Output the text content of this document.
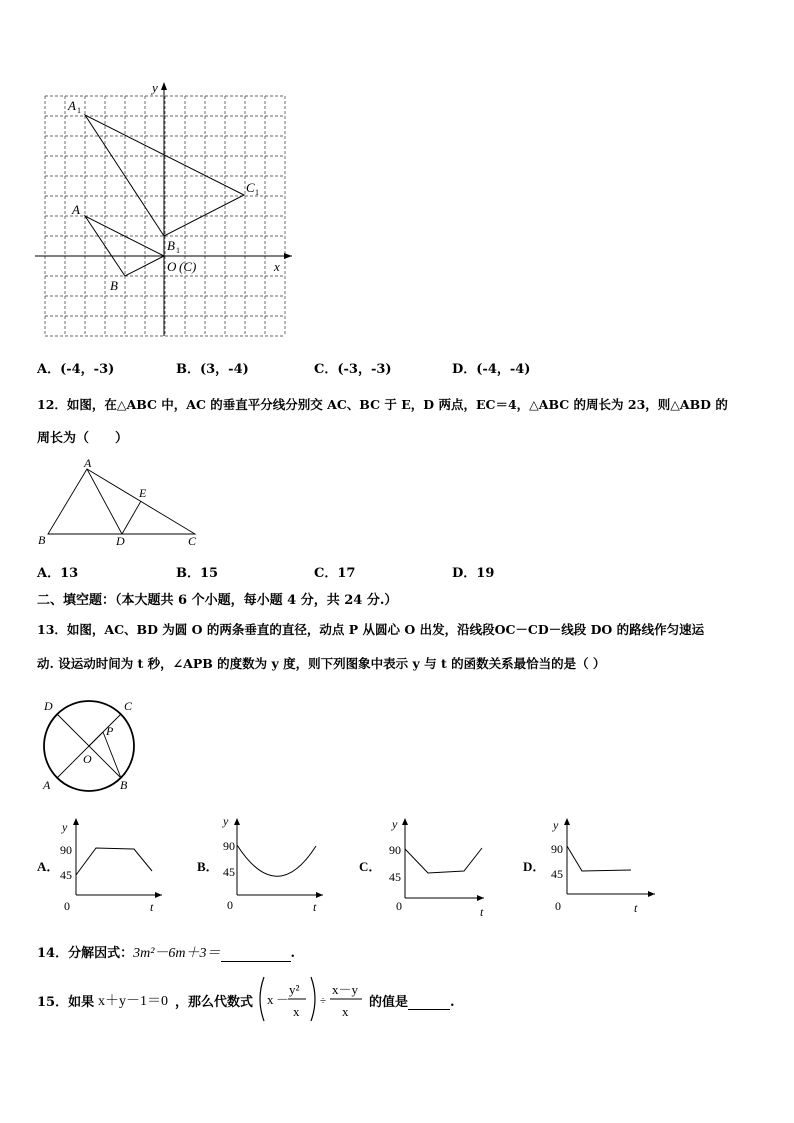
y
x
A 1
C 1
A
B 1
O (C)
B
A．(-4，-3)	B．(3，-4)	C．(-3，-3)	D．(-4，-4)
12．如图，在△ABC 中，AC 的垂直平分线分别交 AC、BC 于 E，D 两点，EC＝4，△ABC 的周长为 23，则△ABD 的
周长为（　　）
A
B	C
D
E
A．13	B．15	C．17	D．19
二、填空题：（本大题共 6 个小题，每小题 4 分，共 24 分.）
13．如图，AC、BD 为圆 O 的两条垂直的直径，动点 P 从圆心 O 出发，沿线段OC－CD－线段 DO 的路线作匀速运
动. 设运动时间为 t 秒，∠APB 的度数为 y 度，则下列图象中表示 y 与 t 的函数关系最恰当的是（ ）
D	C
P
O
A	B
A．
y
t
0
90
45
B．
y
t
0
90
45	C．
y
t
0
90
45
D．
y
t
0
90
45
14．分解因式：3m²－6m＋3＝	.
15．如果 x＋y－1＝0 ，那么代数式 x －
y²
x
÷
x－y
x
的值是	.
